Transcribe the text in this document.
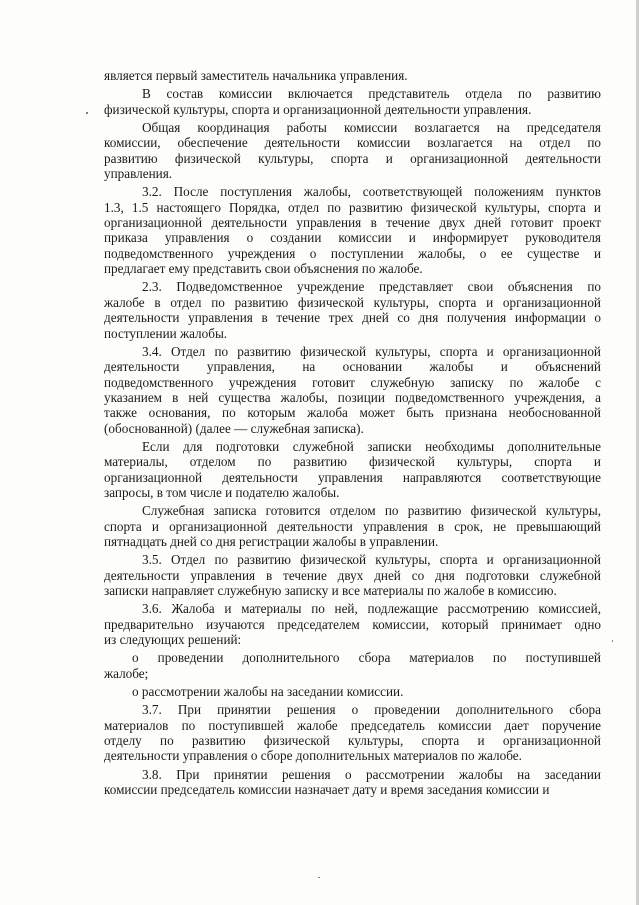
является первый заместитель начальника управления.
В состав комиссии включается представитель отдела по развитию
физической культуры, спорта и организационной деятельности управления.
Общая координация работы комиссии возлагается на председателя
комиссии, обеспечение деятельности комиссии возлагается на отдел по
развитию физической культуры, спорта и организационной деятельности
управления.
3.2. После поступления жалобы, соответствующей положениям пунктов
1.3, 1.5 настоящего Порядка, отдел по развитию физической культуры, спорта и
организационной деятельности управления в течение двух дней готовит проект
приказа управления о создании комиссии и информирует руководителя
подведомственного учреждения о поступлении жалобы, о ее существе и
предлагает ему представить свои объяснения по жалобе.
2.3. Подведомственное учреждение представляет свои объяснения по
жалобе в отдел по развитию физической культуры, спорта и организационной
деятельности управления в течение трех дней со дня получения информации о
поступлении жалобы.
3.4. Отдел по развитию физической культуры, спорта и организационной
деятельности управления, на основании жалобы и объяснений
подведомственного учреждения готовит служебную записку по жалобе с
указанием в ней существа жалобы, позиции подведомственного учреждения, а
также основания, по которым жалоба может быть признана необоснованной
(обоснованной) (далее — служебная записка).
Если для подготовки служебной записки необходимы дополнительные
материалы, отделом по развитию физической культуры, спорта и
организационной деятельности управления направляются соответствующие
запросы, в том числе и подателю жалобы.
Служебная записка готовится отделом по развитию физической культуры,
спорта и организационной деятельности управления в срок, не превышающий
пятнадцать дней со дня регистрации жалобы в управлении.
3.5. Отдел по развитию физической культуры, спорта и организационной
деятельности управления в течение двух дней со дня подготовки служебной
записки направляет служебную записку и все материалы по жалобе в комиссию.
3.6. Жалоба и материалы по ней, подлежащие рассмотрению комиссией,
предварительно изучаются председателем комиссии, который принимает одно
из следующих решений:
о проведении дополнительного сбора материалов по поступившей
жалобе;
о рассмотрении жалобы на заседании комиссии.
3.7. При принятии решения о проведении дополнительного сбора
материалов по поступившей жалобе председатель комиссии дает поручение
отделу по развитию физической культуры, спорта и организационной
деятельности управления о сборе дополнительных материалов по жалобе.
3.8. При принятии решения о рассмотрении жалобы на заседании
комиссии председатель комиссии назначает дату и время заседания комиссии и
